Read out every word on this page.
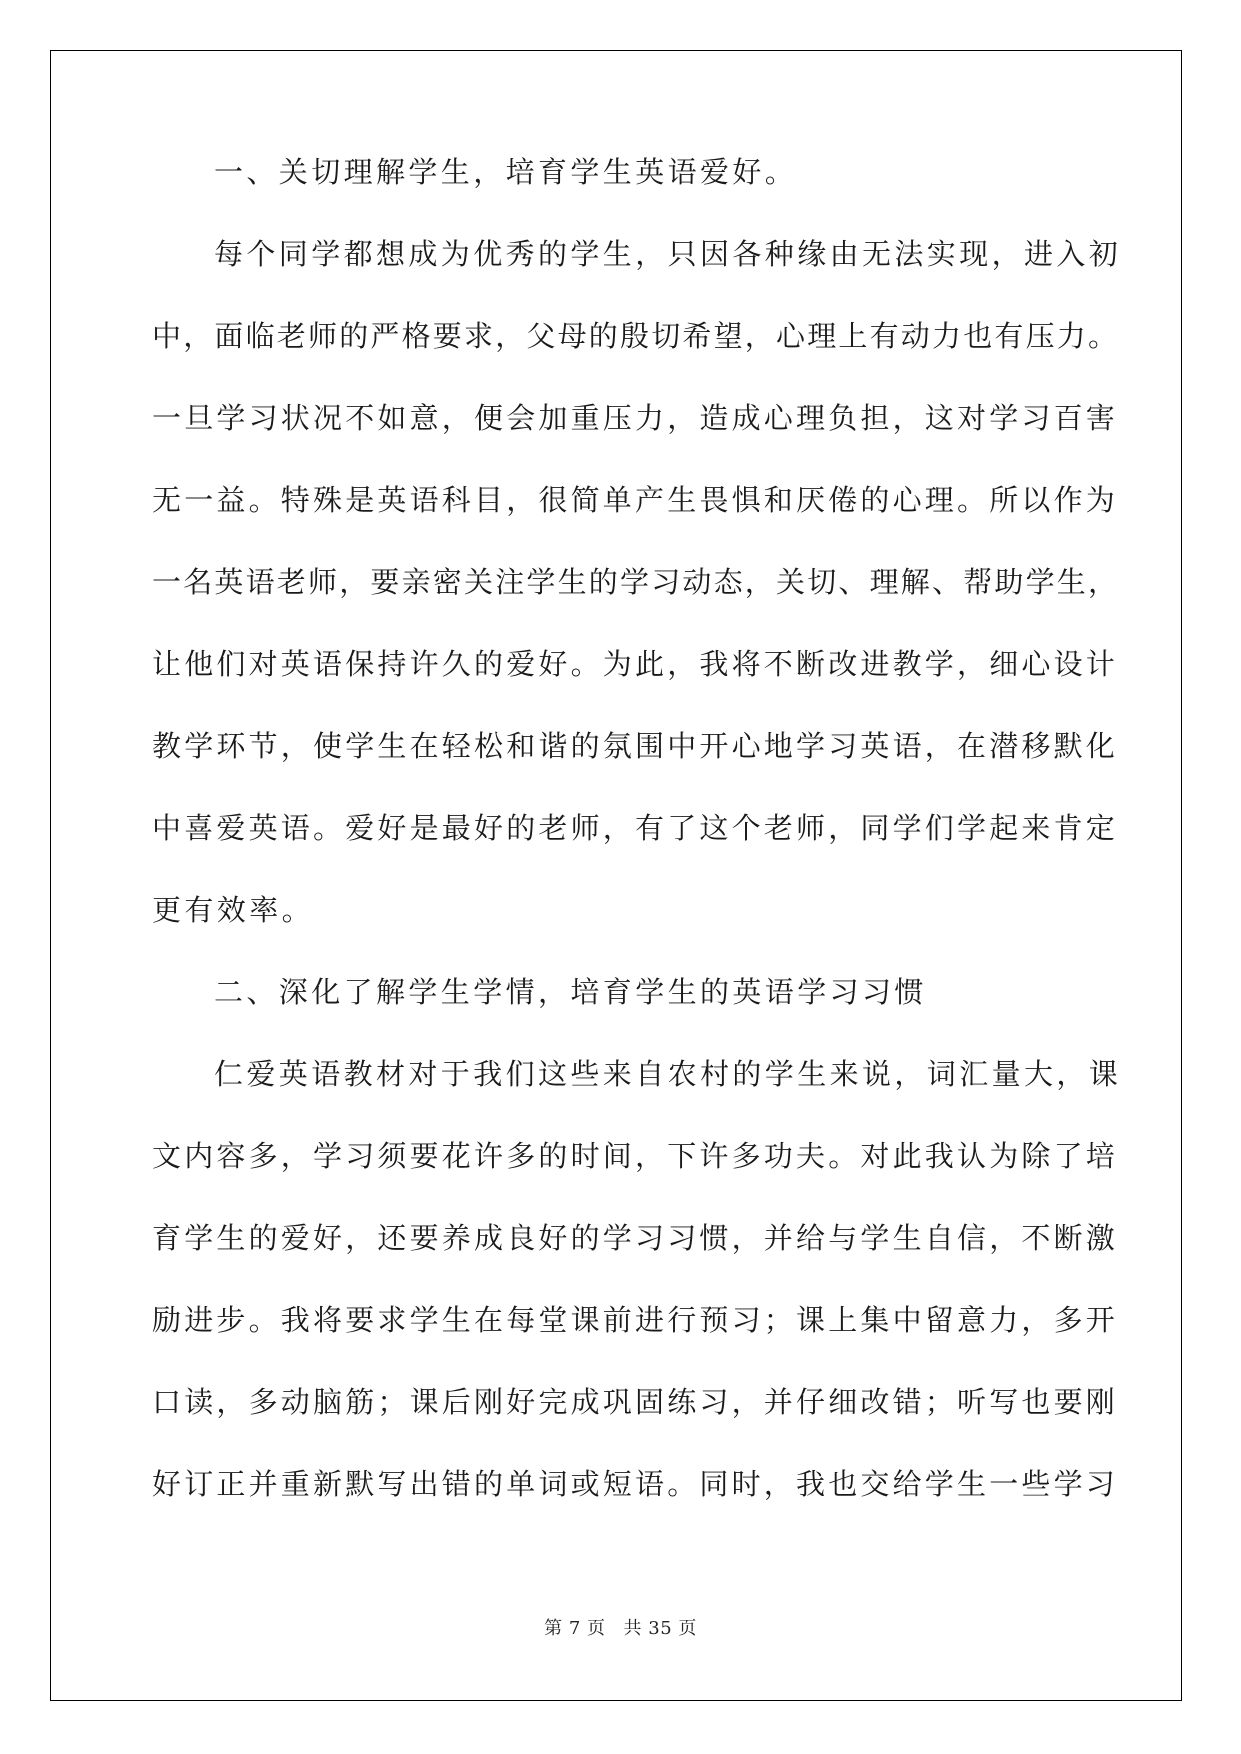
一、关切理解学生，培育学生英语爱好。
每个同学都想成为优秀的学生，只因各种缘由无法实现，进入初
中，面临老师的严格要求，父母的殷切希望，心理上有动力也有压力。
一旦学习状况不如意，便会加重压力，造成心理负担，这对学习百害
无一益。特殊是英语科目，很简单产生畏惧和厌倦的心理。所以作为
一名英语老师，要亲密关注学生的学习动态，关切、理解、帮助学生，
让他们对英语保持许久的爱好。为此，我将不断改进教学，细心设计
教学环节，使学生在轻松和谐的氛围中开心地学习英语，在潜移默化
中喜爱英语。爱好是最好的老师，有了这个老师，同学们学起来肯定
更有效率。
二、深化了解学生学情，培育学生的英语学习习惯
仁爱英语教材对于我们这些来自农村的学生来说，词汇量大，课
文内容多，学习须要花许多的时间，下许多功夫。对此我认为除了培
育学生的爱好，还要养成良好的学习习惯，并给与学生自信，不断激
励进步。我将要求学生在每堂课前进行预习；课上集中留意力，多开
口读，多动脑筋；课后刚好完成巩固练习，并仔细改错；听写也要刚
好订正并重新默写出错的单词或短语。同时，我也交给学生一些学习
第 7 页 共 35 页
